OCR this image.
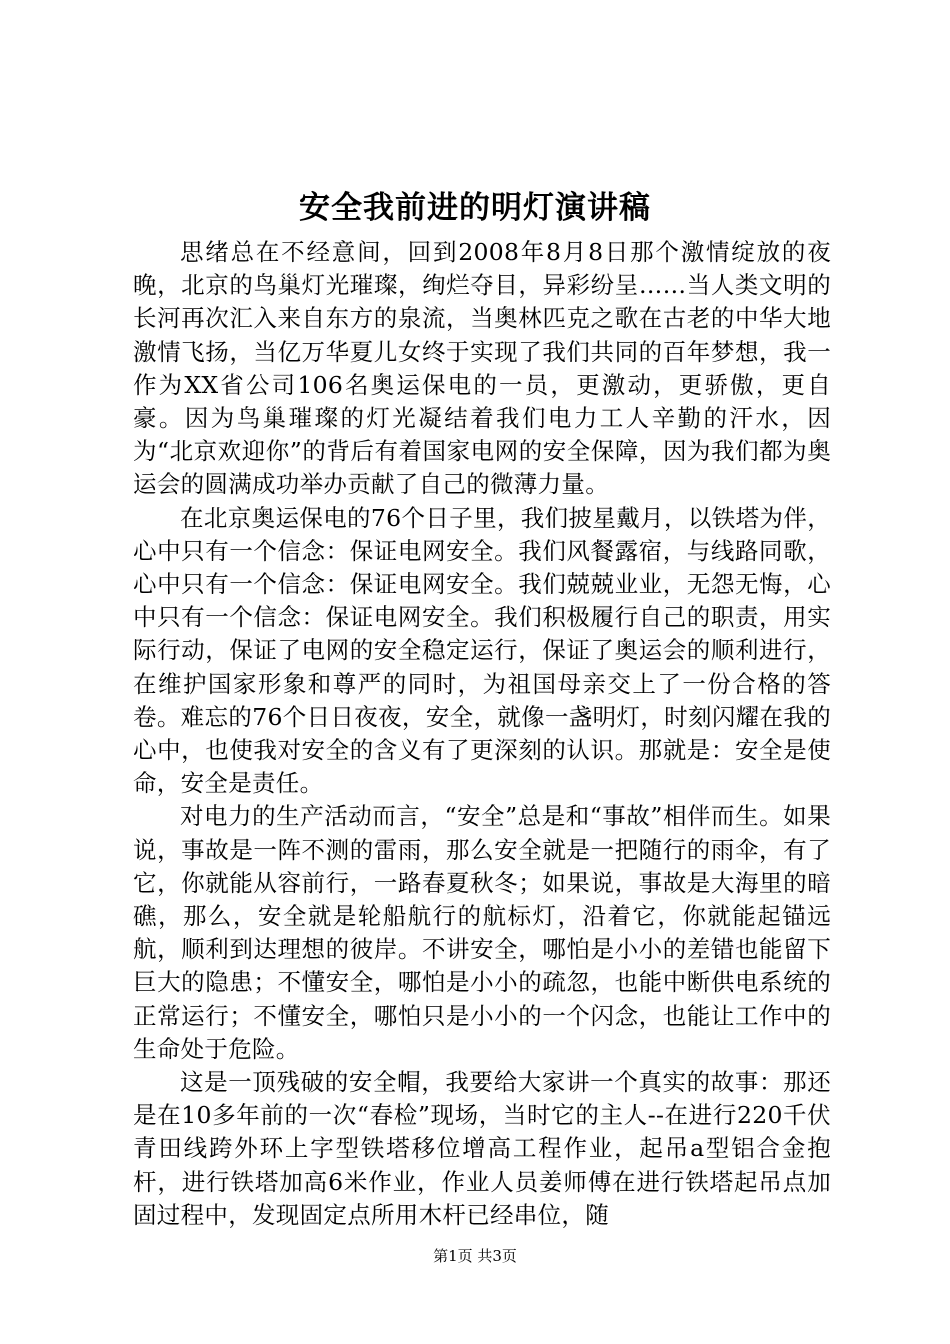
安全我前进的明灯演讲稿

思绪总在不经意间，回到2008年8月8日那个激情绽放的夜晚，北京的鸟巢灯光璀璨，绚烂夺目，异彩纷呈……当人类文明的长河再次汇入来自东方的泉流，当奥林匹克之歌在古老的中华大地激情飞扬，当亿万华夏儿女终于实现了我们共同的百年梦想，我一作为XX省公司106名奥运保电的一员，更激动，更骄傲，更自豪。因为鸟巢璀璨的灯光凝结着我们电力工人辛勤的汗水，因为“北京欢迎你”的背后有着国家电网的安全保障，因为我们都为奥运会的圆满成功举办贡献了自己的微薄力量。

在北京奥运保电的76个日子里，我们披星戴月，以铁塔为伴，心中只有一个信念：保证电网安全。我们风餐露宿，与线路同歌，心中只有一个信念：保证电网安全。我们兢兢业业，无怨无悔，心中只有一个信念：保证电网安全。我们积极履行自己的职责，用实际行动，保证了电网的安全稳定运行，保证了奥运会的顺利进行，在维护国家形象和尊严的同时，为祖国母亲交上了一份合格的答卷。难忘的76个日日夜夜，安全，就像一盏明灯，时刻闪耀在我的心中，也使我对安全的含义有了更深刻的认识。那就是：安全是使命，安全是责任。

对电力的生产活动而言，“安全”总是和“事故”相伴而生。如果说，事故是一阵不测的雷雨，那么安全就是一把随行的雨伞，有了它，你就能从容前行，一路春夏秋冬；如果说，事故是大海里的暗礁，那么，安全就是轮船航行的航标灯，沿着它，你就能起锚远航，顺利到达理想的彼岸。不讲安全，哪怕是小小的差错也能留下巨大的隐患；不懂安全，哪怕是小小的疏忽，也能中断供电系统的正常运行；不懂安全，哪怕只是小小的一个闪念，也能让工作中的生命处于危险。

这是一顶残破的安全帽，我要给大家讲一个真实的故事：那还是在10多年前的一次“春检”现场，当时它的主人--在进行220千伏青田线跨外环上字型铁塔移位增高工程作业，起吊a型铝合金抱杆，进行铁塔加高6米作业，作业人员姜师傅在进行铁塔起吊点加固过程中，发现固定点所用木杆已经串位，随

第1页 共3页
